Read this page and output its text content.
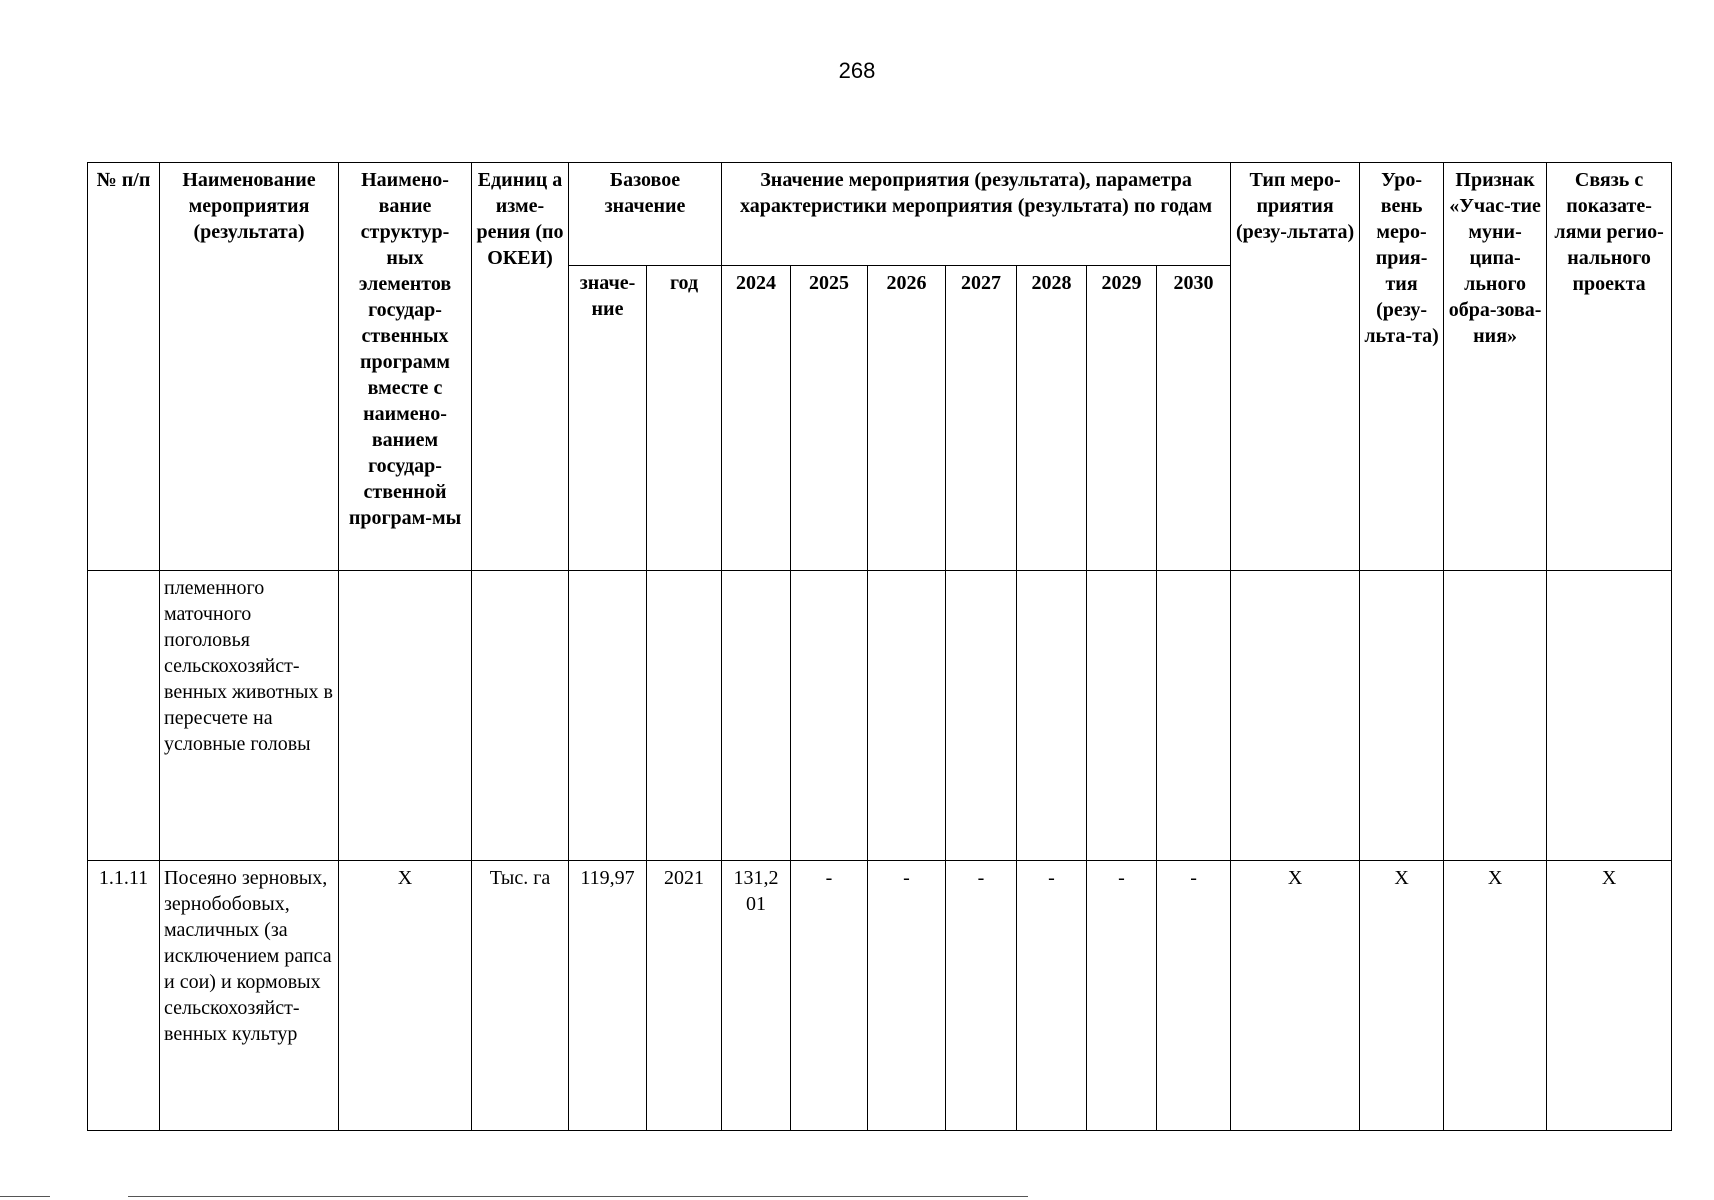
268
№ п/п	Наименование мероприятия (результата)	Наимено-вание структур-ных элементов государ-ственных программ вместе с наимено-ванием государ-ственной програм-мы	Единиц а изме-рения (по ОКЕИ)	Базовое значение		Значение мероприятия (результата), параметра характеристики мероприятия (результата) по годам							Тип меро-приятия (резу-льтата)	Уро-вень меро-прия-тия (резу-льта-та)	Признак «Учас-тие муни-ципа-льного обра-зова-ния»	Связь с показате-лями регио-нального проекта
				значе-ние	год	2024	2025	2026	2027	2028	2029	2030				
	племенного маточного поголовья сельскохозяйст-венных животных в пересчете на условные головы															
1.1.11	Посеяно зерновых, зернобобовых, масличных (за исключением рапса и сои) и кормовых сельскохозяйст-венных культур	Х	Тыс. га	119,97	2021	131,2 01	-	-	-	-	-	-	Х	Х	Х	Х
